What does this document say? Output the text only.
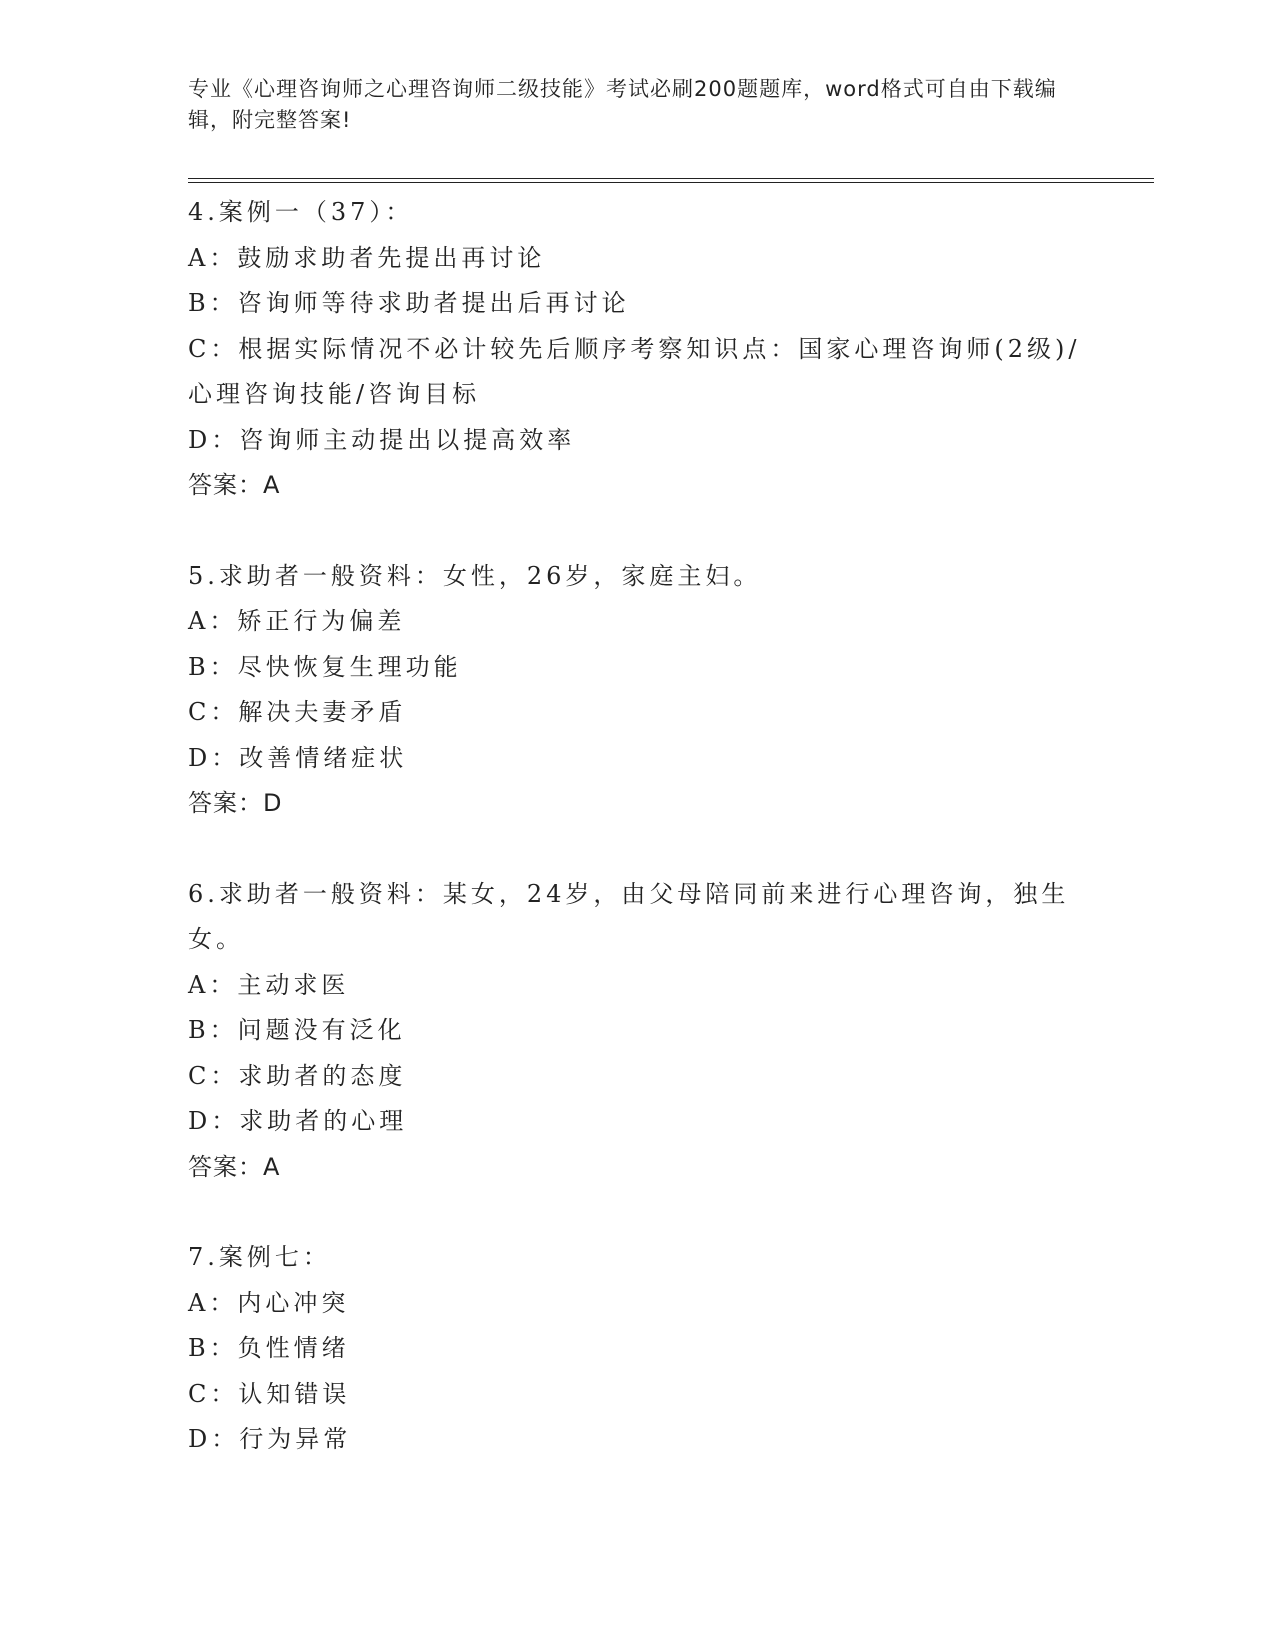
专业《心理咨询师之心理咨询师二级技能》考试必刷200题题库，word格式可自由下载编辑，附完整答案!
4.案例一（37）：
A：鼓励求助者先提出再讨论
B：咨询师等待求助者提出后再讨论
C：根据实际情况不必计较先后顺序考察知识点：国家心理咨询师(2级)/心理咨询技能/咨询目标
D：咨询师主动提出以提高效率
答案：A
5.求助者一般资料：女性，26岁，家庭主妇。
A：矫正行为偏差
B：尽快恢复生理功能
C：解决夫妻矛盾
D：改善情绪症状
答案：D
6.求助者一般资料：某女，24岁，由父母陪同前来进行心理咨询，独生女。
A：主动求医
B：问题没有泛化
C：求助者的态度
D：求助者的心理
答案：A
7.案例七：
A：内心冲突
B：负性情绪
C：认知错误
D：行为异常
